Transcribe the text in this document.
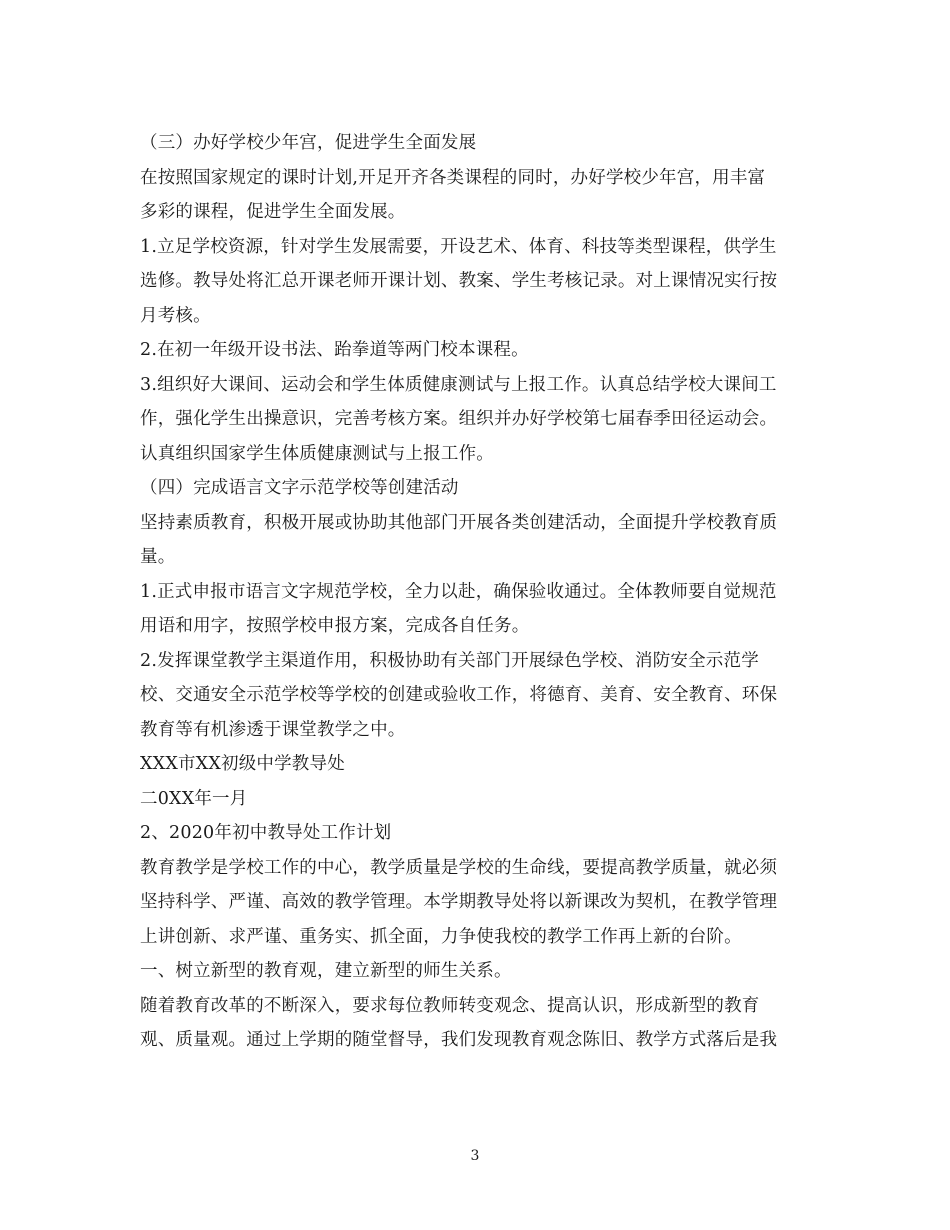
（三）办好学校少年宫，促进学生全面发展
在按照国家规定的课时计划,开足开齐各类课程的同时，办好学校少年宫，用丰富
多彩的课程，促进学生全面发展。
1.立足学校资源，针对学生发展需要，开设艺术、体育、科技等类型课程，供学生
选修。教导处将汇总开课老师开课计划、教案、学生考核记录。对上课情况实行按
月考核。
2.在初一年级开设书法、跆拳道等两门校本课程。
3.组织好大课间、运动会和学生体质健康测试与上报工作。认真总结学校大课间工
作，强化学生出操意识，完善考核方案。组织并办好学校第七届春季田径运动会。
认真组织国家学生体质健康测试与上报工作。
（四）完成语言文字示范学校等创建活动
坚持素质教育，积极开展或协助其他部门开展各类创建活动，全面提升学校教育质
量。
1.正式申报市语言文字规范学校，全力以赴，确保验收通过。全体教师要自觉规范
用语和用字，按照学校申报方案，完成各自任务。
2.发挥课堂教学主渠道作用，积极协助有关部门开展绿色学校、消防安全示范学
校、交通安全示范学校等学校的创建或验收工作，将德育、美育、安全教育、环保
教育等有机渗透于课堂教学之中。
XXX市XX初级中学教导处
二0XX年一月
2、2020年初中教导处工作计划
教育教学是学校工作的中心，教学质量是学校的生命线，要提高教学质量，就必须
坚持科学、严谨、高效的教学管理。本学期教导处将以新课改为契机，在教学管理
上讲创新、求严谨、重务实、抓全面，力争使我校的教学工作再上新的台阶。
一、树立新型的教育观，建立新型的师生关系。
随着教育改革的不断深入，要求每位教师转变观念、提高认识，形成新型的教育
观、质量观。通过上学期的随堂督导，我们发现教育观念陈旧、教学方式落后是我
3
